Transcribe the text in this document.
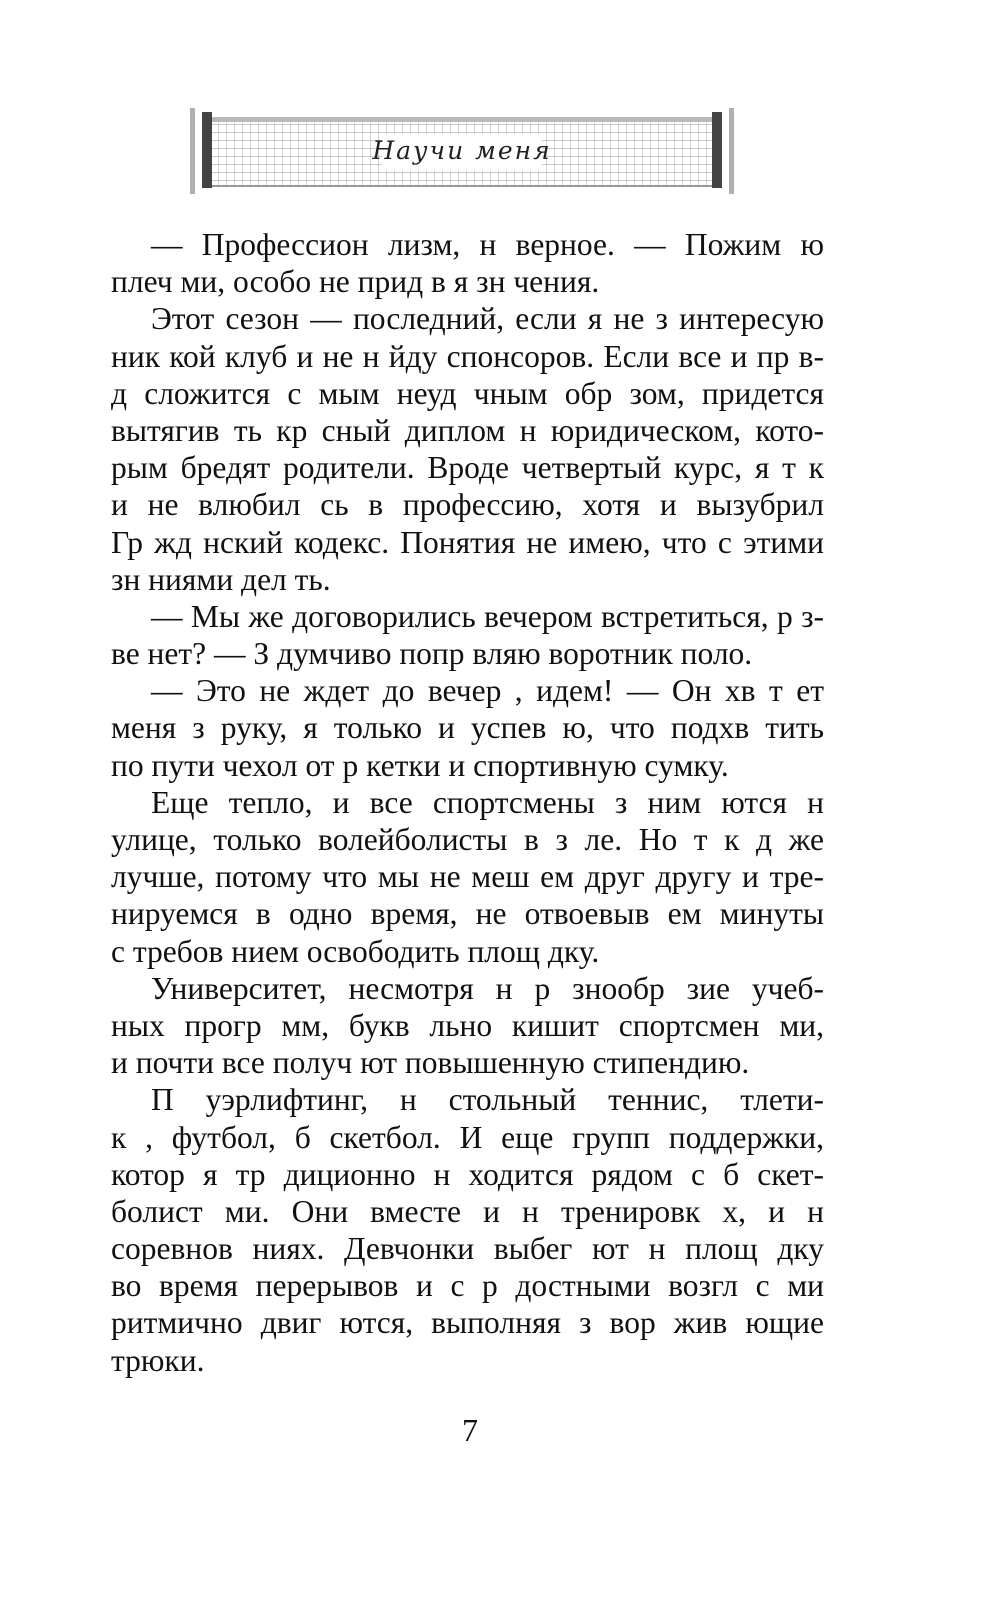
Научи меня
— Профессион лизм, н верное. — Пожим ю
плеч ми, особо не прид в я зн чения.
Этот сезон — последний, если я не з интересую
ник кой клуб и не н йду спонсоров. Если все и пр в-
д сложится с мым неуд чным обр зом, придется
вытягив ть кр сный диплом н юридическом, кото-
рым бредят родители. Вроде четвертый курс, я т к
и не влюбил сь в профессию, хотя и вызубрил
Гр жд нский кодекс. Понятия не имею, что с этими
зн ниями дел ть.
— Мы же договорились вечером встретиться, р з-
ве нет? — З думчиво попр вляю воротник поло.
— Это не ждет до вечер , идем! — Он хв т ет
меня з руку, я только и успев ю, что подхв тить
по пути чехол от р кетки и спортивную сумку.
Еще тепло, и все спортсмены з ним ются н
улице, только волейболисты в з ле. Но т к д же
лучше, потому что мы не меш ем друг другу и тре-
нируемся в одно время, не отвоевыв ем минуты
с требов нием освободить площ дку.
Университет, несмотря н р знообр зие учеб-
ных прогр мм, букв льно кишит спортсмен ми,
и почти все получ ют повышенную стипендию.
П уэрлифтинг, н стольный теннис, тлети-
к , футбол, б скетбол. И еще групп поддержки,
котор я тр диционно н ходится рядом с б скет-
болист ми. Они вместе и н тренировк х, и н
соревнов ниях. Девчонки выбег ют н площ дку
во время перерывов и с р достными возгл с ми
ритмично двиг ются, выполняя з вор жив ющие
трюки.
7
